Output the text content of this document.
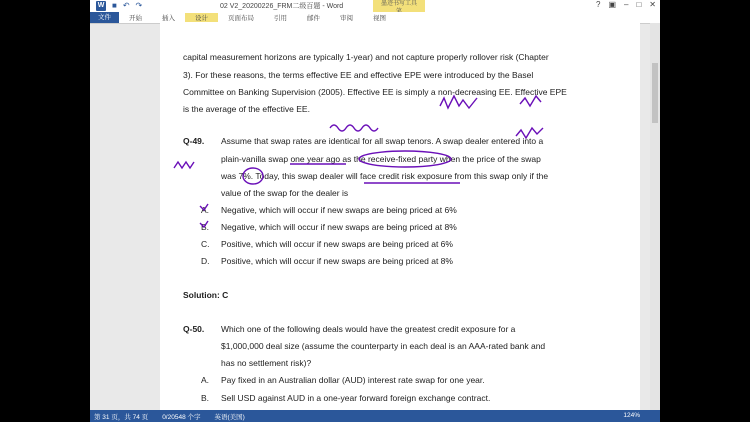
W ■ ↶ ↷	02 V2_20200226_FRM二级百题 - Word	墨迹书写工具	? ▣ – □ ✕
文件	开始	插入	设计	页面布局	引用	邮件	审阅	视图
capital measurement horizons are typically 1-year) and not capture properly rollover risk (Chapter
3). For these reasons, the terms effective EE and effective EPE were introduced by the Basel
Committee on Banking Supervision (2005). Effective EE is simply a non-decreasing EE. Effective EPE
is the average of the effective EE.
Q-49. Assume that swap rates are identical for all swap tenors. A swap dealer entered into a
plain-vanilla swap one year ago as the receive-fixed party when the price of the swap
was 7%. Today, this swap dealer will face credit risk exposure from this swap only if the
value of the swap for the dealer is
A. Negative, which will occur if new swaps are being priced at 6%
B. Negative, which will occur if new swaps are being priced at 8%
C. Positive, which will occur if new swaps are being priced at 6%
D. Positive, which will occur if new swaps are being priced at 8%
Solution: C
Q-50. Which one of the following deals would have the greatest credit exposure for a
$1,000,000 deal size (assume the counterparty in each deal is an AAA-rated bank and
has no settlement risk)?
A. Pay fixed in an Australian dollar (AUD) interest rate swap for one year.
B. Sell USD against AUD in a one-year forward foreign exchange contract.
第 31 页，共 74 页 0/20548 个字 英语(美国)	124%
